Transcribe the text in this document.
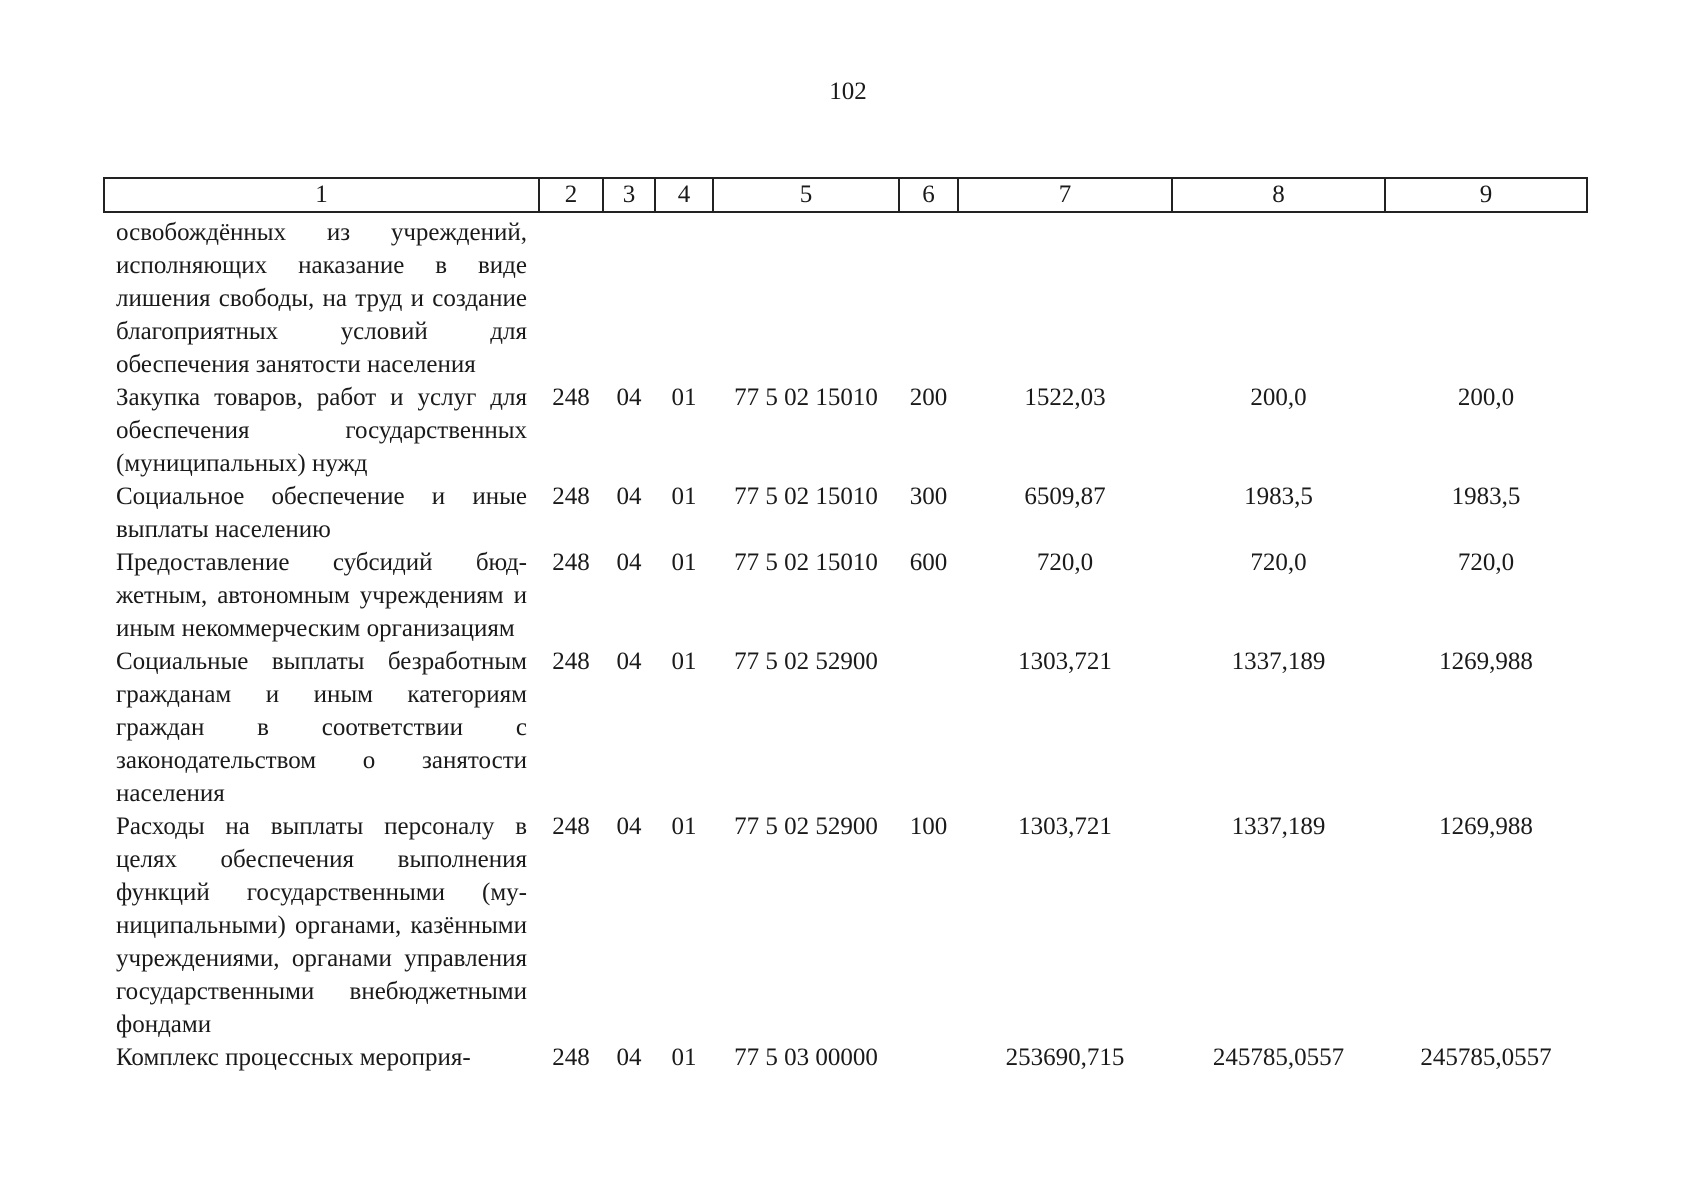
102
1	2	3	4	5	6	7	8	9
освобождённых из учреждений, исполняющих наказание в виде лишения свободы, на труд и создание благоприятных условий для обеспечения занятости населения								
Закупка товаров, работ и услуг для обеспечения государственных (муниципальных) нужд	248	04	01	77 5 02 15010	200	1522,03	200,0	200,0
Социальное обеспечение и иные выплаты населению	248	04	01	77 5 02 15010	300	6509,87	1983,5	1983,5
Предоставление субсидий бюджетным, автономным учреждениям и иным некоммерческим организациям	248	04	01	77 5 02 15010	600	720,0	720,0	720,0
Социальные выплаты безработным гражданам и иным категориям граждан в соответствии с законодательством о занятости населения	248	04	01	77 5 02 52900		1303,721	1337,189	1269,988
Расходы на выплаты персоналу в целях обеспечения выполнения функций государственными (муниципальными) органами, казёнными учреждениями, органами управления государственными внебюджетными фондами	248	04	01	77 5 02 52900	100	1303,721	1337,189	1269,988
Комплекс процессных мероприя-	248	04	01	77 5 03 00000		253690,715	245785,0557	245785,0557
